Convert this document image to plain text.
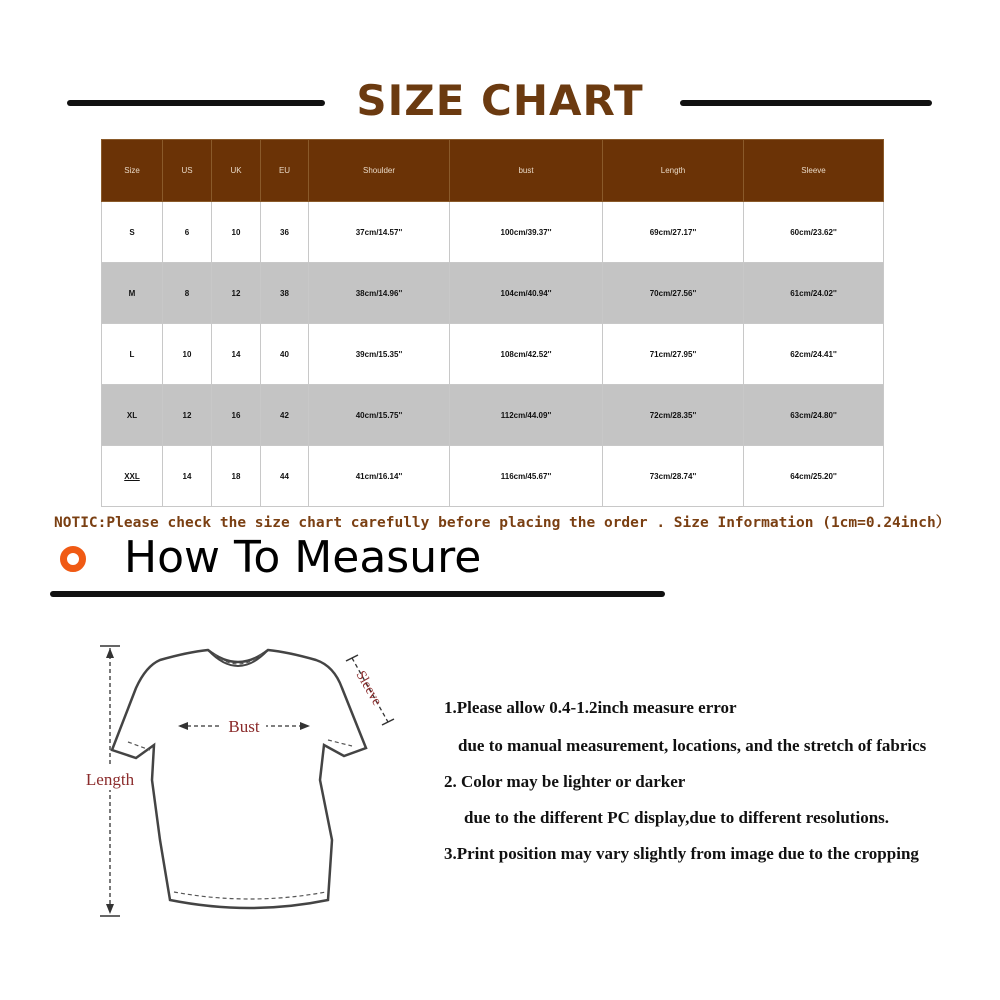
SIZE CHART
Size	US	UK	EU	Shoulder	bust	Length	Sleeve
S	6	10	36	37cm/14.57''	100cm/39.37''	69cm/27.17''	60cm/23.62''
M	8	12	38	38cm/14.96''	104cm/40.94''	70cm/27.56''	61cm/24.02''
L	10	14	40	39cm/15.35''	108cm/42.52''	71cm/27.95''	62cm/24.41''
XL	12	16	42	40cm/15.75''	112cm/44.09''	72cm/28.35''	63cm/24.80''
XXL	14	18	44	41cm/16.14''	116cm/45.67''	73cm/28.74''	64cm/25.20''
NOTIC:Please check the size chart carefully before placing the order . Size Information (1cm=0.24inch）
How To Measure
Bust
Length
Sleeve	1.Please allow 0.4-1.2inch measure error
due to manual measurement, locations, and the stretch of fabrics
2. Color may be lighter or darker
due to the different PC display,due to different resolutions.
3.Print position may vary slightly from image due to the cropping
